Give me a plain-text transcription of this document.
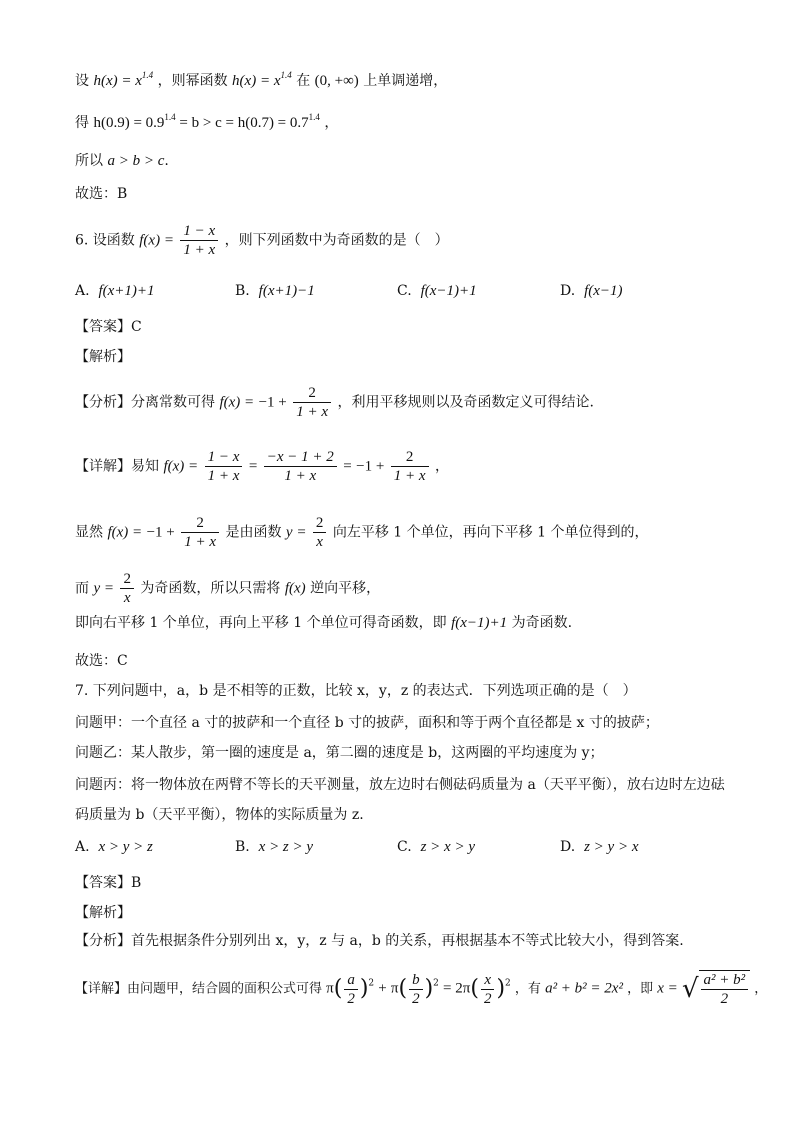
设 $h(x) = x^{1.4}$ ，则幂函数 $h(x) = x^{1.4}$ 在 (0, +∞) 上单调递增，
得 $h(0.9) = 0.9^{1.4} = b > c = h(0.7) = 0.7^{1.4}$ ，
所以 a > b > c.
故选：B
6. 设函数 $f(x) = \frac{1 - x}{1 + x}$ ，则下列函数中为奇函数的是（　）
A. f(x+1)+1	B. f(x+1)−1	C. f(x−1)+1	D. f(x−1)
【答案】C
【解析】
【分析】分离常数可得 $f(x) = -1 + \frac{2}{1 + x}$ ，利用平移规则以及奇函数定义可得结论.
【详解】易知 $f(x) = \frac{1 - x}{1 + x} = \frac{-x - 1 + 2}{1 + x} = -1 + \frac{2}{1 + x}$ ，
显然 $f(x) = -1 + \frac{2}{1 + x}$ 是由函数 $y = \frac{2}{x}$ 向左平移 1 个单位，再向下平移 1 个单位得到的，
而 $y = \frac{2}{x}$ 为奇函数，所以只需将 f(x) 逆向平移，
即向右平移 1 个单位，再向上平移 1 个单位可得奇函数，即 f(x−1)+1 为奇函数.
故选：C
7. 下列问题中，a，b 是不相等的正数，比较 x，y，z 的表达式．下列选项正确的是（　）
问题甲：一个直径 a 寸的披萨和一个直径 b 寸的披萨，面积和等于两个直径都是 x 寸的披萨；
问题乙：某人散步，第一圈的速度是 a，第二圈的速度是 b，这两圈的平均速度为 y；
问题丙：将一物体放在两臂不等长的天平测量，放左边时右侧砝码质量为 a（天平平衡），放右边时左边砝
码质量为 b（天平平衡），物体的实际质量为 z.
A. x > y > z	B. x > z > y	C. z > x > y	D. z > y > x
【答案】B
【解析】
【分析】首先根据条件分别列出 x，y，z 与 a，b 的关系，再根据基本不等式比较大小，得到答案.
【详解】由问题甲，结合圆的面积公式可得 $\pi( \frac{a}{2} )^2 + \pi( \frac{b}{2} )^2 = 2\pi( \frac{x}{2} )^2$ ，有 a² + b² = 2x² ，即 x = √ $\frac{\text{a² + b²}}{2}$ ，
